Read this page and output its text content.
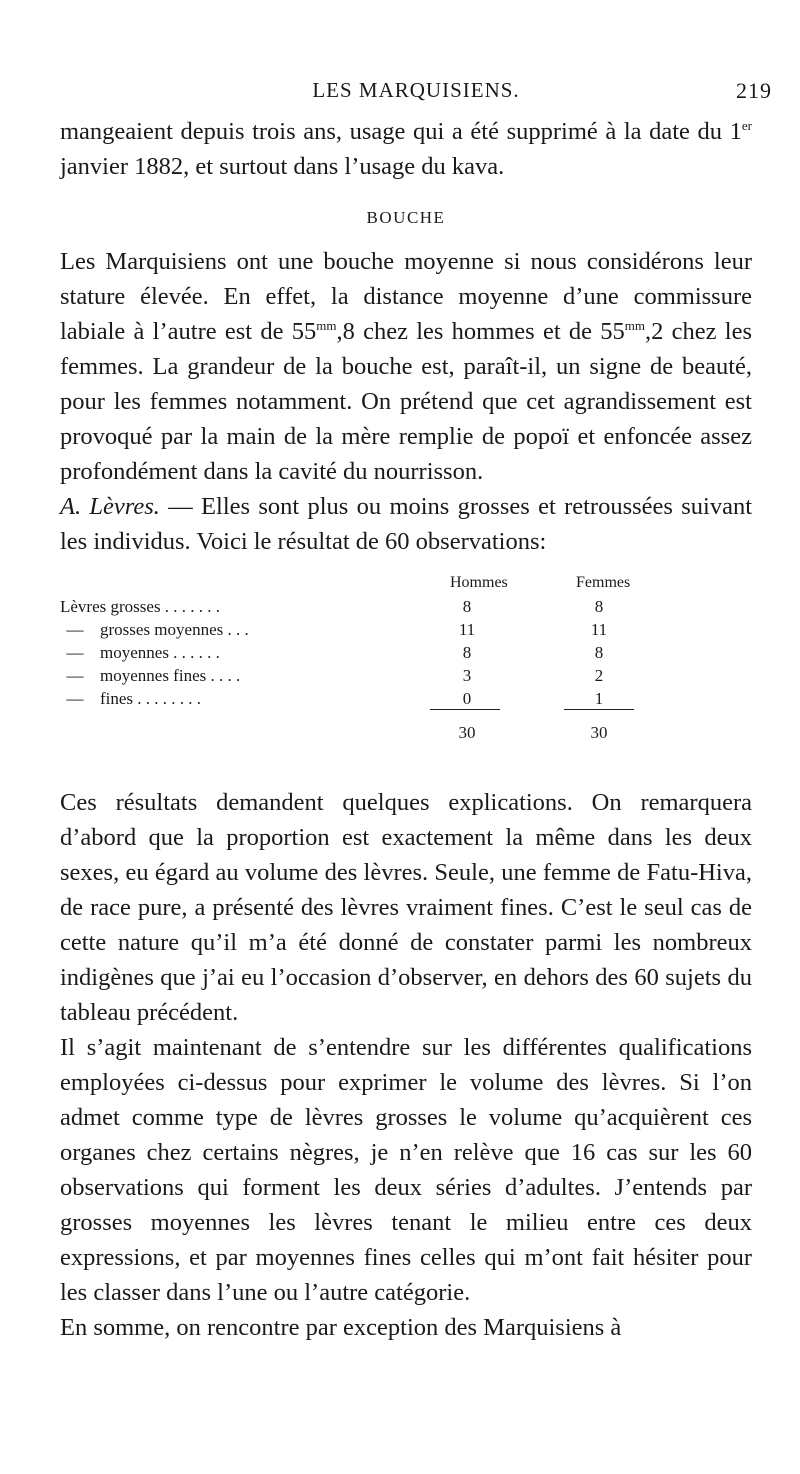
LES MARQUISIENS.	219

mangeaient depuis trois ans, usage qui a été supprimé à la date du 1er janvier 1882, et surtout dans l’usage du kava.

BOUCHE

Les Marquisiens ont une bouche moyenne si nous considérons leur stature élevée. En effet, la distance moyenne d’une commissure labiale à l’autre est de $55^{mm},8$ chez les hommes et de $55^{mm},2$ chez les femmes. La grandeur de la bouche est, paraît-il, un signe de beauté, pour les femmes notamment. On prétend que cet agrandissement est provoqué par la main de la mère remplie de popoï et enfoncée assez profondément dans la cavité du nourrisson.

A. Lèvres. — Elles sont plus ou moins grosses et retroussées suivant les individus. Voici le résultat de 60 observations:

Hommes	Femmes
Lèvres grosses . . . . . . .	8	8
— grosses moyennes . . .	11	11
— moyennes . . . . . .	8	8
— moyennes fines . . . .	3	2
— fines . . . . . . . .	0	1
30	30

Ces résultats demandent quelques explications. On remarquera d’abord que la proportion est exactement la même dans les deux sexes, eu égard au volume des lèvres. Seule, une femme de Fatu-Hiva, de race pure, a présenté des lèvres vraiment fines. C’est le seul cas de cette nature qu’il m’a été donné de constater parmi les nombreux indigènes que j’ai eu l’occasion d’observer, en dehors des 60 sujets du tableau précédent.

Il s’agit maintenant de s’entendre sur les différentes qualifications employées ci-dessus pour exprimer le volume des lèvres. Si l’on admet comme type de lèvres grosses le volume qu’acquièrent ces organes chez certains nègres, je n’en relève que 16 cas sur les 60 observations qui forment les deux séries d’adultes. J’entends par grosses moyennes les lèvres tenant le milieu entre ces deux expressions, et par moyennes fines celles qui m’ont fait hésiter pour les classer dans l’une ou l’autre catégorie.

En somme, on rencontre par exception des Marquisiens à
